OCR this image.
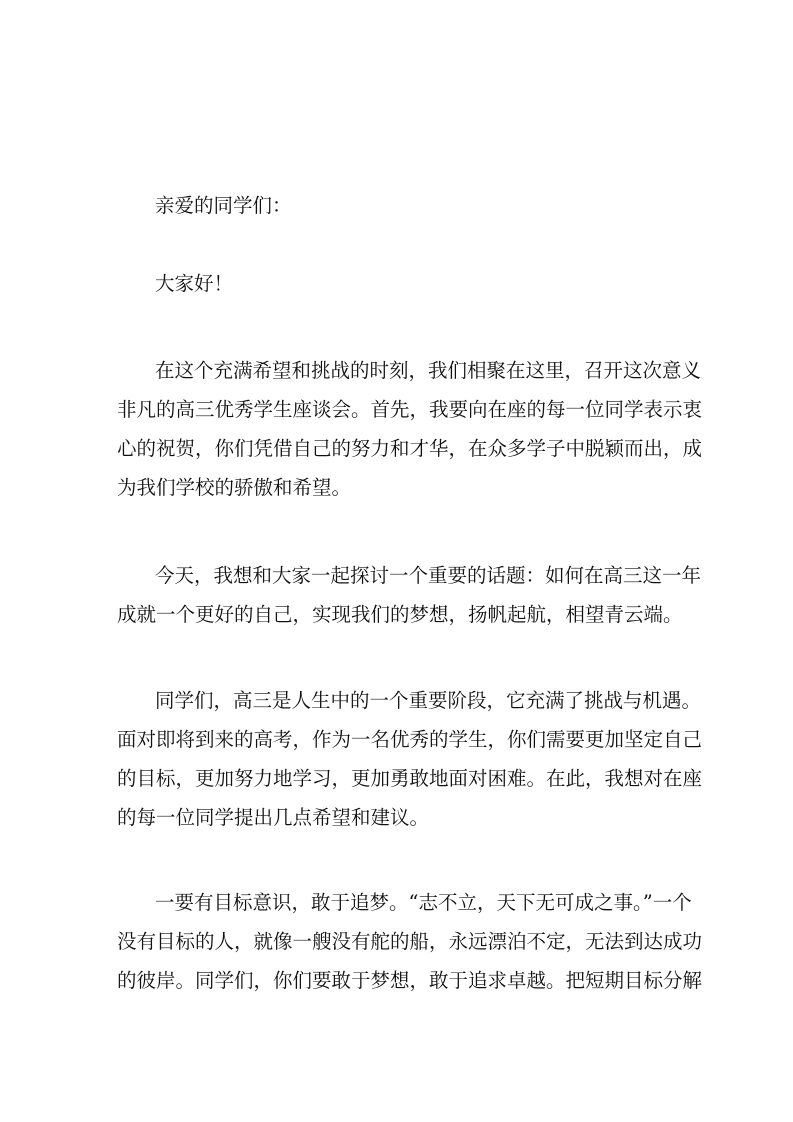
亲爱的同学们：
大家好！
在这个充满希望和挑战的时刻，我们相聚在这里，召开这次意义
非凡的高三优秀学生座谈会。首先，我要向在座的每一位同学表示衷
心的祝贺，你们凭借自己的努力和才华，在众多学子中脱颖而出，成
为我们学校的骄傲和希望。
今天，我想和大家一起探讨一个重要的话题：如何在高三这一年
成就一个更好的自己，实现我们的梦想，扬帆起航，相望青云端。
同学们，高三是人生中的一个重要阶段，它充满了挑战与机遇。
面对即将到来的高考，作为一名优秀的学生，你们需要更加坚定自己
的目标，更加努力地学习，更加勇敢地面对困难。在此，我想对在座
的每一位同学提出几点希望和建议。
一要有目标意识，敢于追梦。“志不立，天下无可成之事。”一个
没有目标的人，就像一艘没有舵的船，永远漂泊不定，无法到达成功
的彼岸。同学们，你们要敢于梦想，敢于追求卓越。把短期目标分解
